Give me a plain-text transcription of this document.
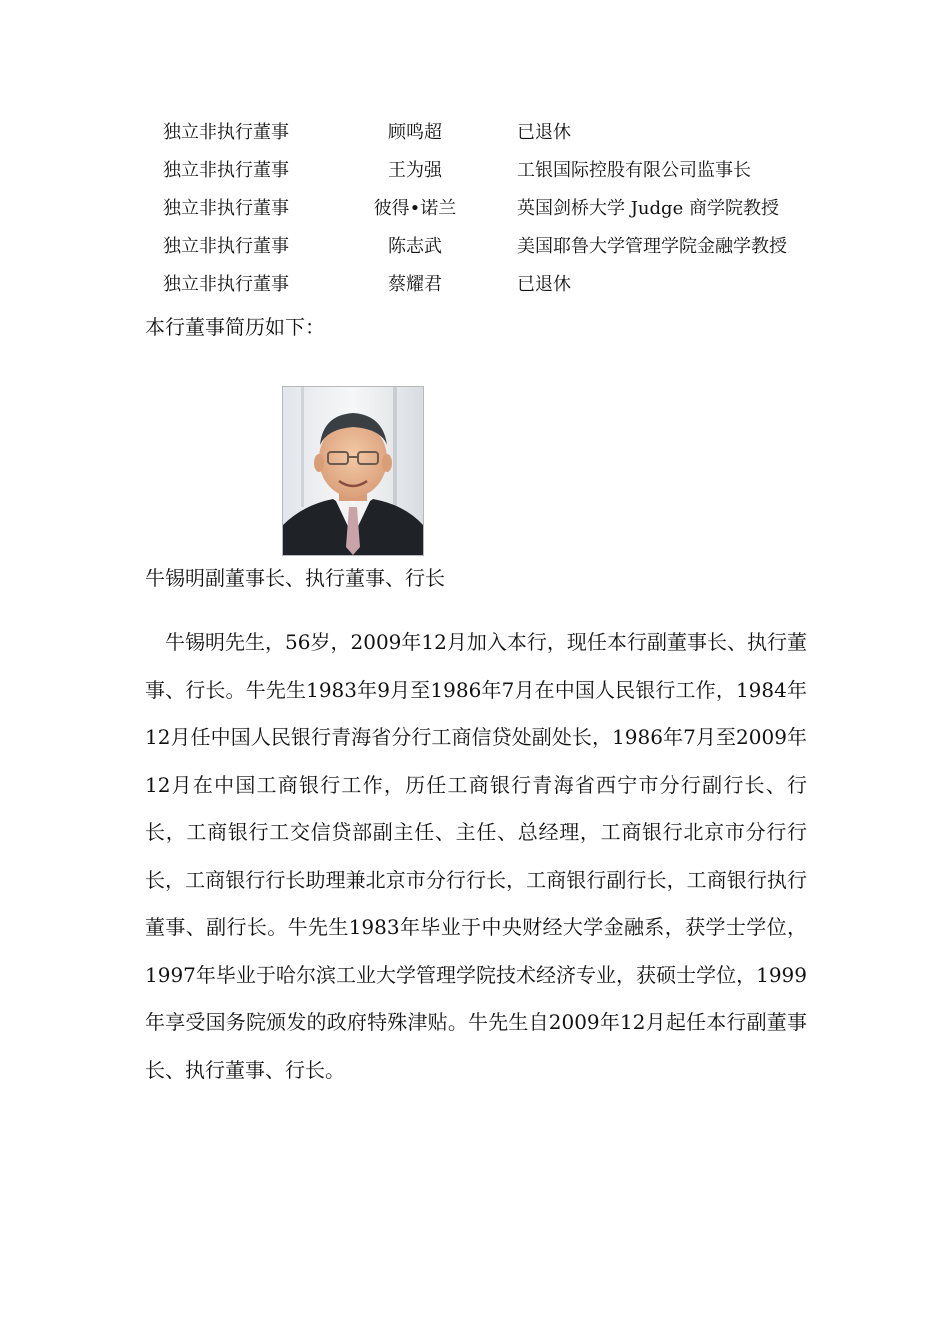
独立非执行董事	顾鸣超	已退休
独立非执行董事	王为强	工银国际控股有限公司监事长
独立非执行董事	彼得•诺兰	英国剑桥大学 Judge 商学院教授
独立非执行董事	陈志武	美国耶鲁大学管理学院金融学教授
独立非执行董事	蔡耀君	已退休
本行董事简历如下：
牛锡明副董事长、执行董事、行长

牛锡明先生，56岁，2009年12月加入本行，现任本行副董事长、执行董事、行长。牛先生1983年9月至1986年7月在中国人民银行工作，1984年12月任中国人民银行青海省分行工商信贷处副处长，1986年7月至2009年12月在中国工商银行工作，历任工商银行青海省西宁市分行副行长、行长，工商银行工交信贷部副主任、主任、总经理，工商银行北京市分行行长，工商银行行长助理兼北京市分行行长，工商银行副行长，工商银行执行董事、副行长。牛先生1983年毕业于中央财经大学金融系，获学士学位，1997年毕业于哈尔滨工业大学管理学院技术经济专业，获硕士学位，1999年享受国务院颁发的政府特殊津贴。牛先生自2009年12月起任本行副董事长、执行董事、行长。
